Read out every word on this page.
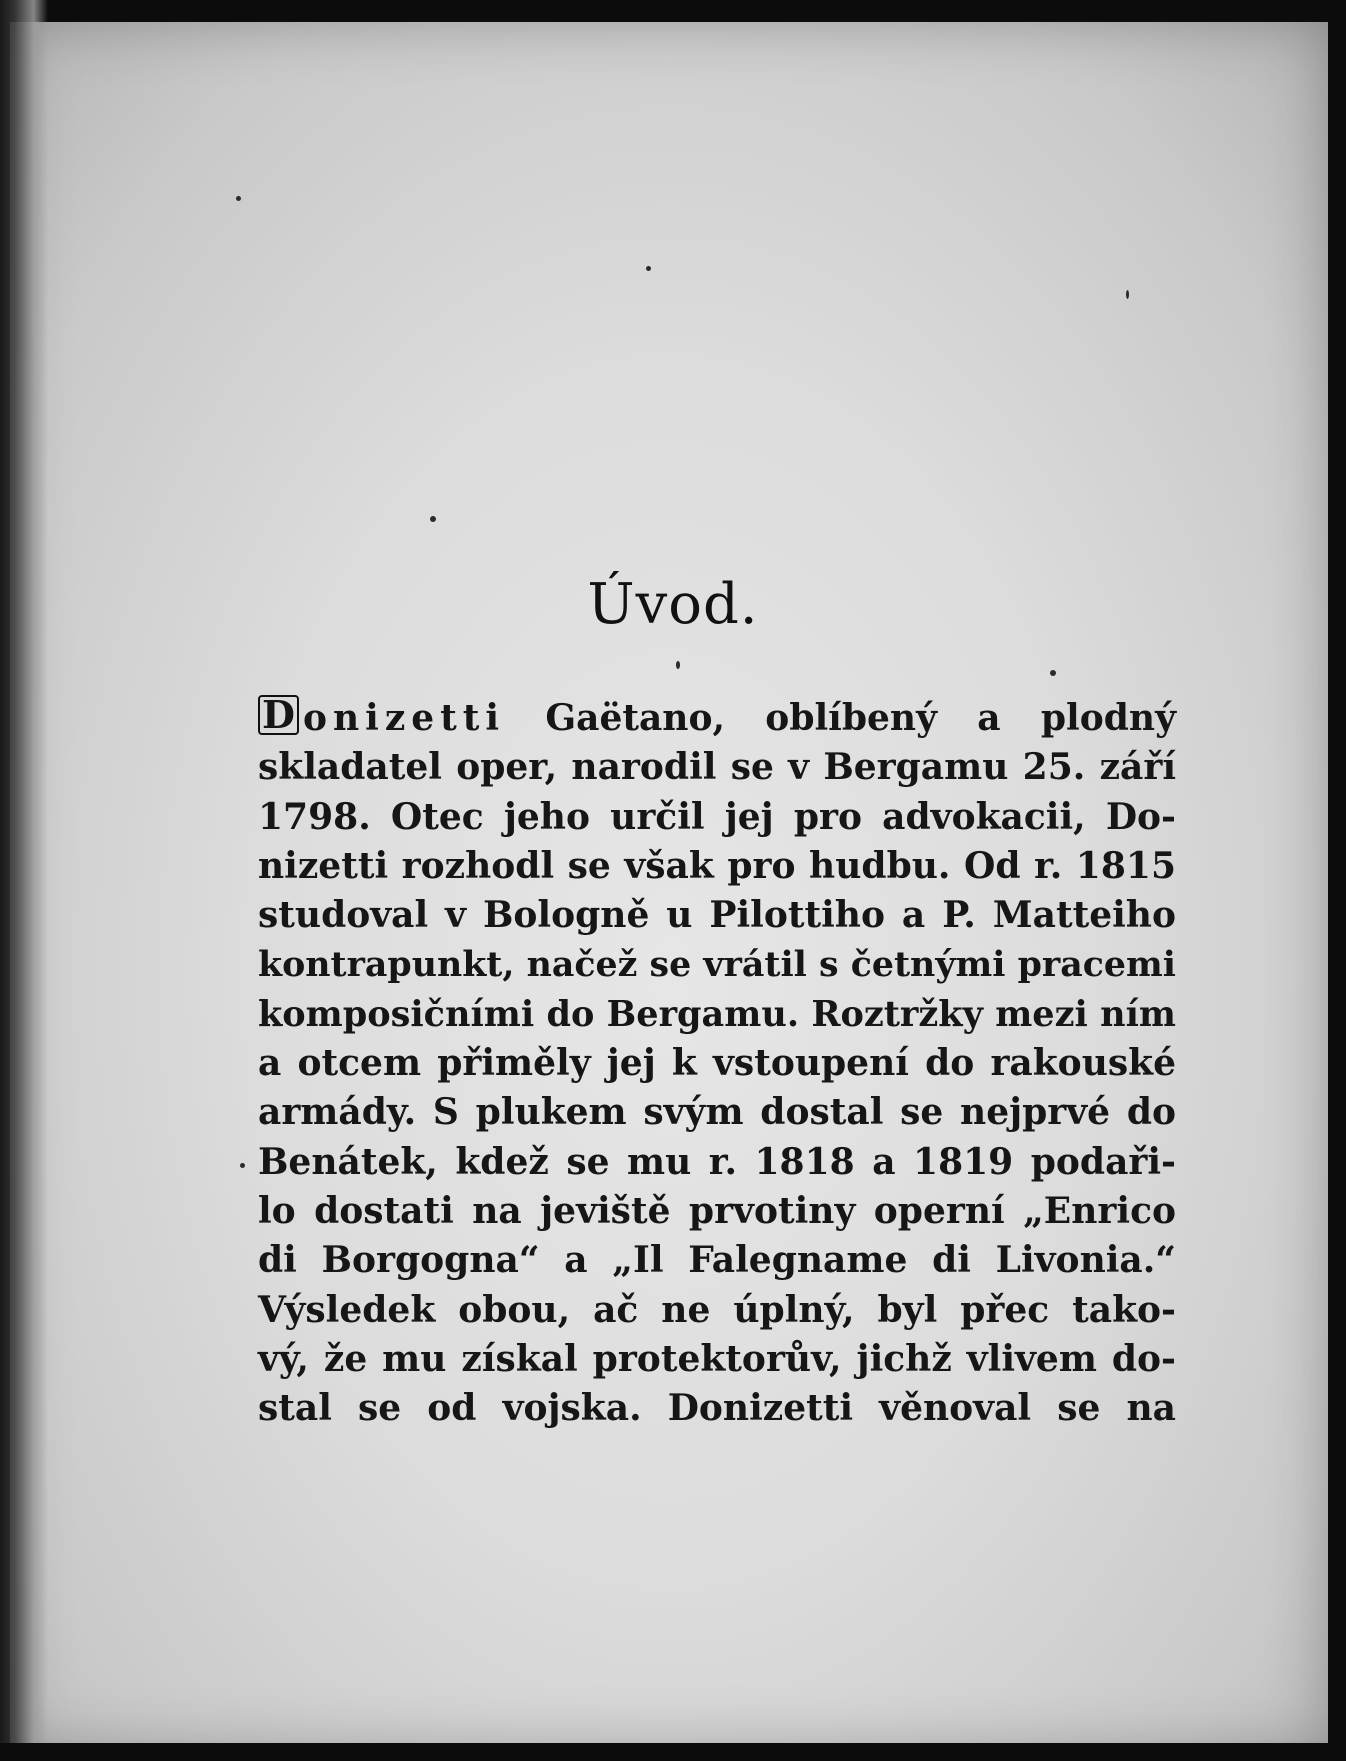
Úvod.
D onizetti Gaëtano, oblíbený a plodný
skladatel oper, narodil se v Bergamu 25. září
1798. Otec jeho určil jej pro advokacii, Do-
nizetti rozhodl se však pro hudbu. Od r. 1815
studoval v Bologně u Pilottiho a P. Matteiho
kontrapunkt, načež se vrátil s četnými pracemi
komposičními do Bergamu. Roztržky mezi ním
a otcem přiměly jej k vstoupení do rakouské
armády. S plukem svým dostal se nejprvé do
Benátek, kdež se mu r. 1818 a 1819 podaři-
lo dostati na jeviště prvotiny operní „Enrico
di Borgogna“ a „Il Falegname di Livonia.“
Výsledek obou, ač ne úplný, byl přec tako-
vý, že mu získal protektorův, jichž vlivem do-
stal se od vojska. Donizetti věnoval se na
